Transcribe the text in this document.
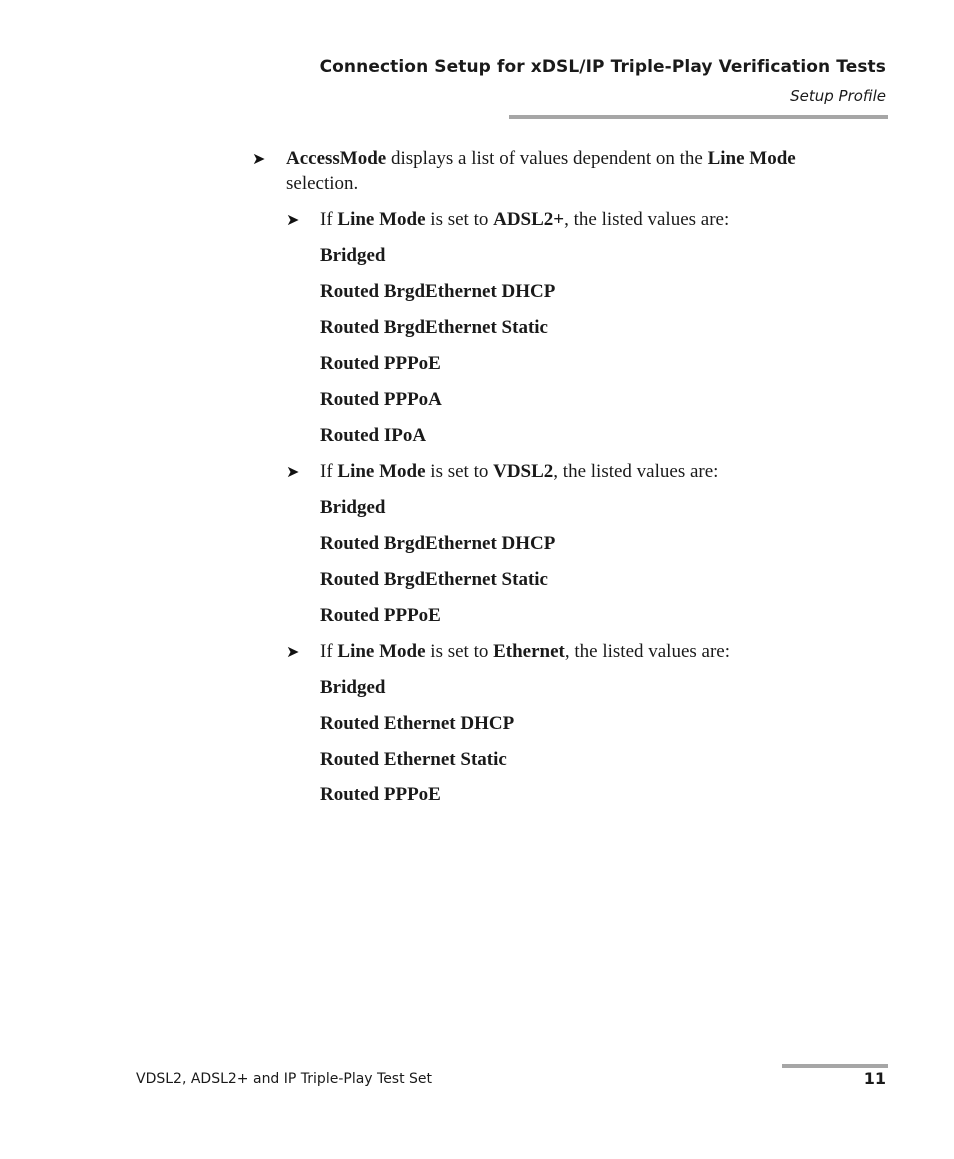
Connection Setup for xDSL/IP Triple-Play Verification Tests
Setup Profile
➤ AccessMode displays a list of values dependent on the Line Mode
selection.
➤ If Line Mode is set to ADSL2+, the listed values are:
Bridged
Routed BrgdEthernet DHCP
Routed BrgdEthernet Static
Routed PPPoE
Routed PPPoA
Routed IPoA
➤ If Line Mode is set to VDSL2, the listed values are:
Bridged
Routed BrgdEthernet DHCP
Routed BrgdEthernet Static
Routed PPPoE
➤ If Line Mode is set to Ethernet, the listed values are:
Bridged
Routed Ethernet DHCP
Routed Ethernet Static
Routed PPPoE
VDSL2, ADSL2+ and IP Triple-Play Test Set	11
